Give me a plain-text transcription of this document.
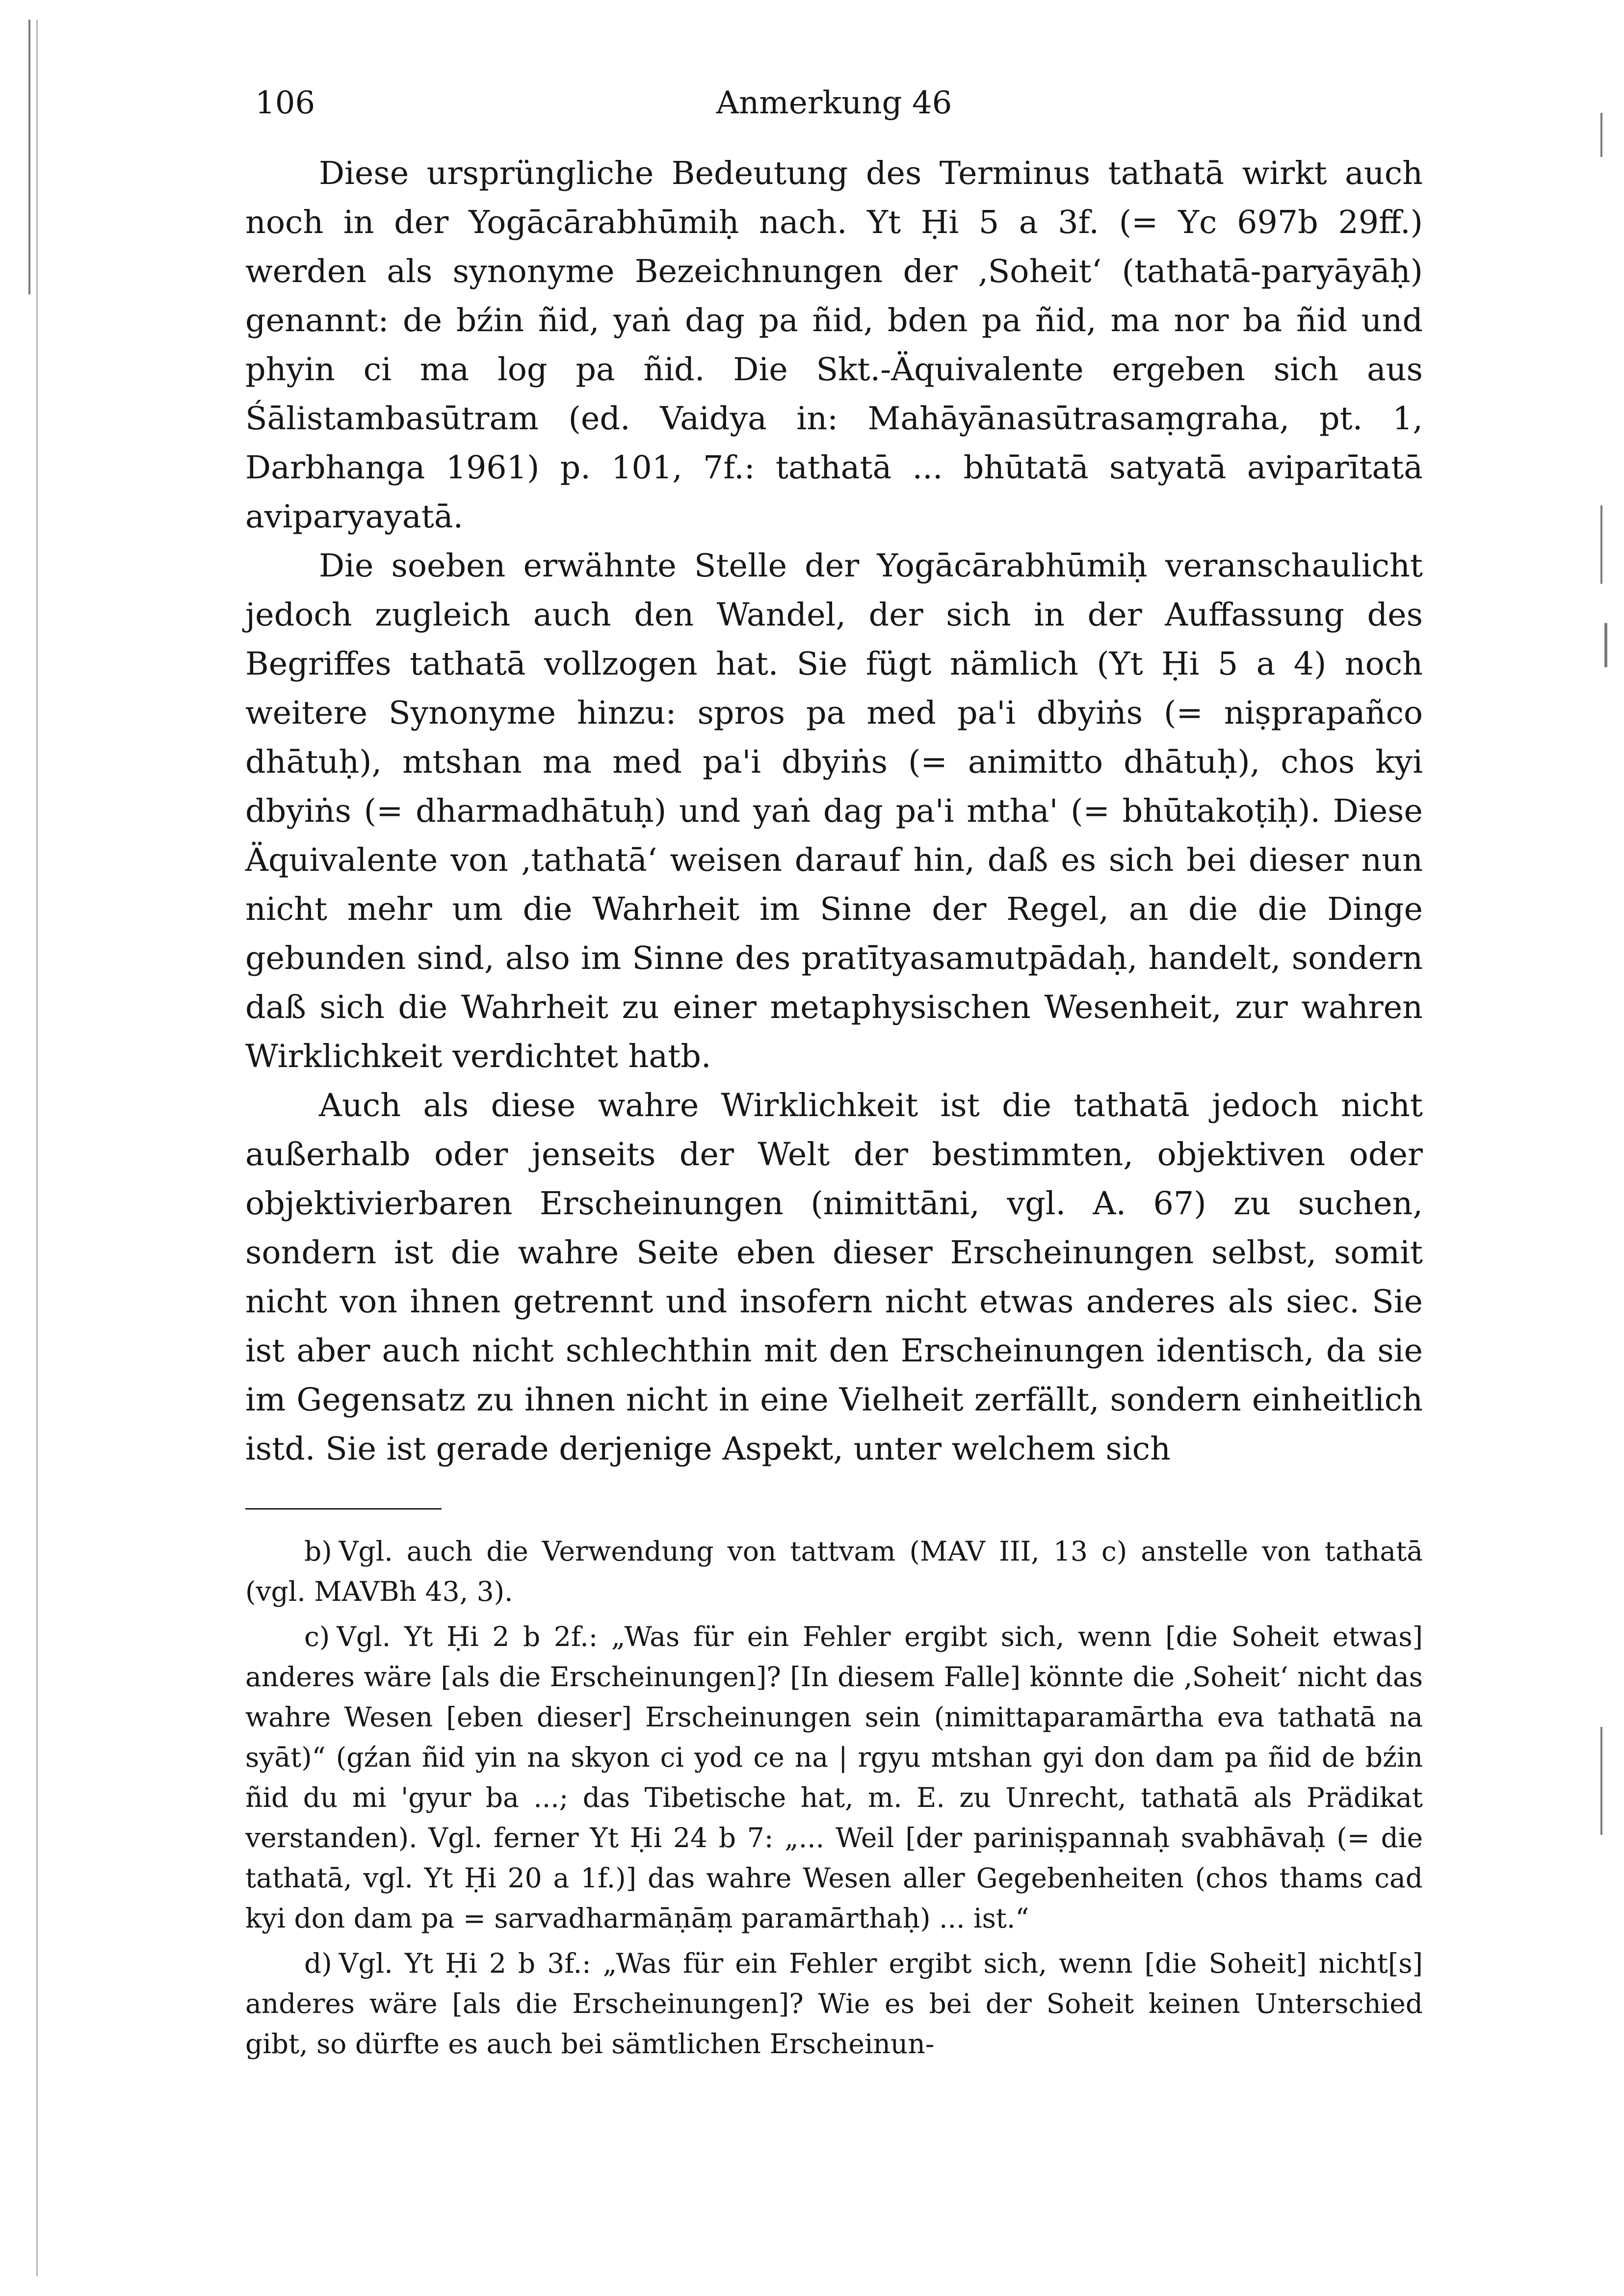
106	Anmerkung 46

Diese ursprüngliche Bedeutung des Terminus tathatā wirkt auch noch in der Yogācārabhūmiḥ nach. Yt Ḥi 5 a 3f. (= Yc 697b 29ff.) werden als synonyme Bezeichnungen der ‚Soheit‘ (tathatā-paryāyāḥ) genannt: de bźin ñid, yaṅ dag pa ñid, bden pa ñid, ma nor ba ñid und phyin ci ma log pa ñid. Die Skt.-Äquivalente ergeben sich aus Śālistambasūtram (ed. Vaidya in: Mahāyānasūtrasaṃgraha, pt. 1, Darbhanga 1961) p. 101, 7f.: tathatā ... bhūtatā satyatā aviparītatā aviparyayatā.

Die soeben erwähnte Stelle der Yogācārabhūmiḥ veranschaulicht jedoch zugleich auch den Wandel, der sich in der Auffassung des Begriffes tathatā vollzogen hat. Sie fügt nämlich (Yt Ḥi 5 a 4) noch weitere Synonyme hinzu: spros pa med pa'i dbyiṅs (= niṣprapañco dhātuḥ), mtshan ma med pa'i dbyiṅs (= animitto dhātuḥ), chos kyi dbyiṅs (= dharmadhātuḥ) und yaṅ dag pa'i mtha' (= bhūtakoṭiḥ). Diese Äquivalente von ‚tathatā‘ weisen darauf hin, daß es sich bei dieser nun nicht mehr um die Wahrheit im Sinne der Regel, an die die Dinge gebunden sind, also im Sinne des pratītyasamutpādaḥ, handelt, sondern daß sich die Wahrheit zu einer metaphysischen Wesenheit, zur wahren Wirklichkeit verdichtet hatb.

Auch als diese wahre Wirklichkeit ist die tathatā jedoch nicht außerhalb oder jenseits der Welt der bestimmten, objektiven oder objektivierbaren Erscheinungen (nimittāni, vgl. A. 67) zu suchen, sondern ist die wahre Seite eben dieser Erscheinungen selbst, somit nicht von ihnen getrennt und insofern nicht etwas anderes als siec. Sie ist aber auch nicht schlechthin mit den Erscheinungen identisch, da sie im Gegensatz zu ihnen nicht in eine Vielheit zerfällt, sondern einheitlich istd. Sie ist gerade derjenige Aspekt, unter welchem sich

b) Vgl. auch die Verwendung von tattvam (MAV III, 13 c) anstelle von tathatā (vgl. MAVBh 43, 3).

c) Vgl. Yt Ḥi 2 b 2f.: „Was für ein Fehler ergibt sich, wenn [die Soheit etwas] anderes wäre [als die Erscheinungen]? [In diesem Falle] könnte die ‚Soheit‘ nicht das wahre Wesen [eben dieser] Erscheinungen sein (nimittaparamārtha eva tathatā na syāt)“ (gźan ñid yin na skyon ci yod ce na | rgyu mtshan gyi don dam pa ñid de bźin ñid du mi 'gyur ba ...; das Tibetische hat, m. E. zu Unrecht, tathatā als Prädikat verstanden). Vgl. ferner Yt Ḥi 24 b 7: „... Weil [der pariniṣpannaḥ svabhāvaḥ (= die tathatā, vgl. Yt Ḥi 20 a 1f.)] das wahre Wesen aller Gegebenheiten (chos thams cad kyi don dam pa = sarvadharmāṇāṃ paramārthaḥ) ... ist.“

d) Vgl. Yt Ḥi 2 b 3f.: „Was für ein Fehler ergibt sich, wenn [die Soheit] nicht[s] anderes wäre [als die Erscheinungen]? Wie es bei der Soheit keinen Unterschied gibt, so dürfte es auch bei sämtlichen Erscheinun-
